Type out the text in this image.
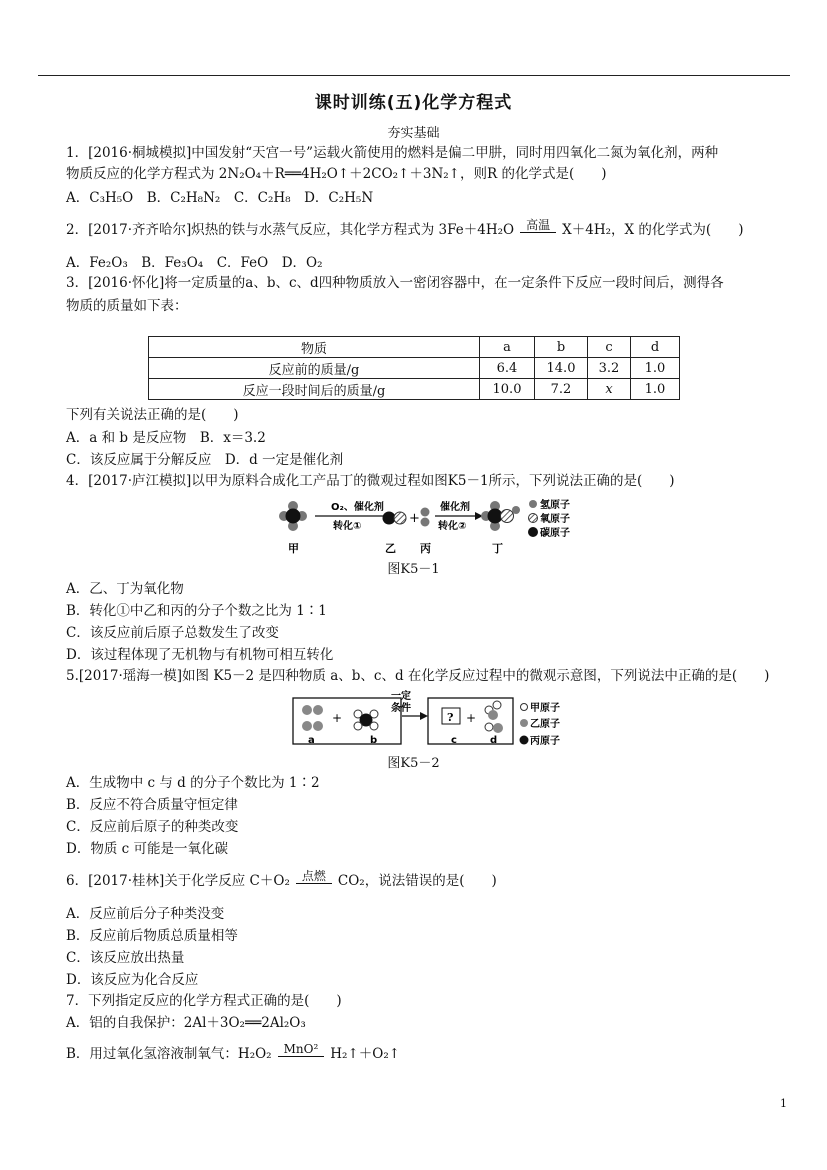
课时训练(五)化学方程式
夯实基础
1．[2016·桐城模拟]中国发射“天宫一号”运载火箭使用的燃料是偏二甲肼，同时用四氧化二氮为氧化剂，两种
物质反应的化学方程式为 2N₂O₄＋R══4H₂O↑＋2CO₂↑＋3N₂↑，则R 的化学式是(　　)
A．C₃H₅O　B．C₂H₈N₂　C．C₂H₈　D．C₂H₅N
2．[2017·齐齐哈尔]炽热的铁与水蒸气反应，其化学方程式为 3Fe＋4H₂O	高温 X＋4H₂，X 的化学式为(　　)
A．Fe₂O₃　B．Fe₃O₄　C．FeO　D．O₂
3．[2016·怀化]将一定质量的a、b、c、d四种物质放入一密闭容器中，在一定条件下反应一段时间后，测得各
物质的质量如下表：
物质	a	b	c	d
反应前的质量/g	6.4	14.0	3.2	1.0
反应一段时间后的质量/g	10.0	7.2	x	1.0
下列有关说法正确的是(　　)
A．a 和 b 是反应物　B．x＝3.2
C．该反应属于分解反应　D．d 一定是催化剂
4．[2017·庐江模拟]以甲为原料合成化工产品丁的微观过程如图K5－1所示，下列说法正确的是(　　)
O₂、催化剂
转化①
+
催化剂
转化②
甲	乙 丙	丁
氢原子
氧原子
碳原子
图K5－1
A．乙、丁为氧化物
B．转化①中乙和丙的分子个数之比为 1∶1
C．该反应前后原子总数发生了改变
D．该过程体现了无机物与有机物可相互转化
5.[2017·瑶海一模]如图 K5－2 是四种物质 a、b、c、d 在化学反应过程中的微观示意图，下列说法中正确的是(　　)
+
a	b
一定
条件
? +
c	d
甲原子
乙原子
丙原子
图K5－2
A．生成物中 c 与 d 的分子个数比为 1∶2
B．反应不符合质量守恒定律
C．反应前后原子的种类改变
D．物质 c 可能是一氧化碳
6．[2017·桂林]关于化学反应 C＋O₂	点燃 CO₂，说法错误的是(　　)
A．反应前后分子种类没变
B．反应前后物质总质量相等
C．该反应放出热量
D．该反应为化合反应
7．下列指定反应的化学方程式正确的是(　　)
A．铝的自我保护：2Al＋3O₂══2Al₂O₃
B．用过氧化氢溶液制氧气：H₂O₂	MnO² H₂↑＋O₂↑
1
